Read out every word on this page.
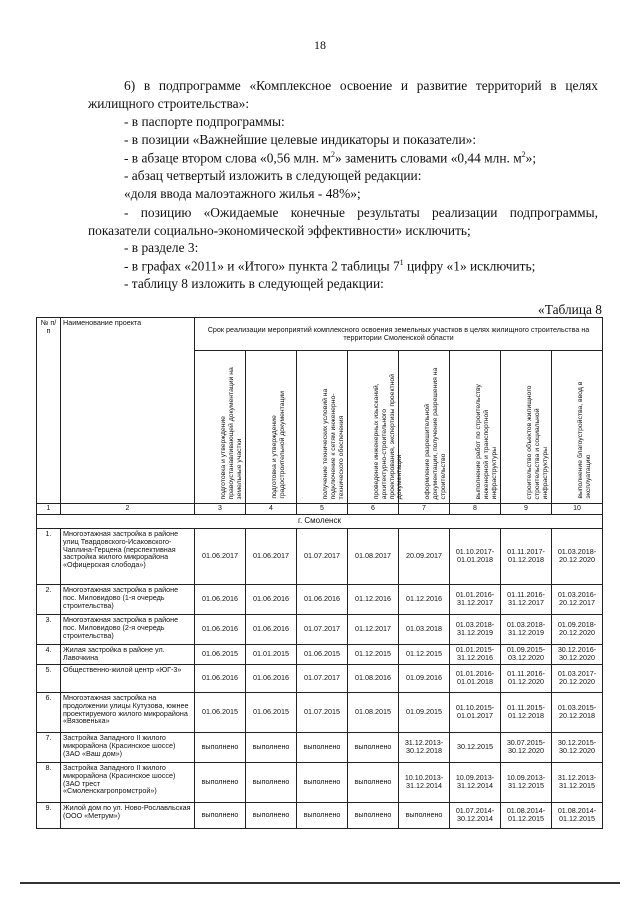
18
6) в подпрограмме «Комплексное освоение и развитие территорий в целях жилищного строительства»:
- в паспорте подпрограммы:
- в позиции «Важнейшие целевые индикаторы и показатели»:
- в абзаце втором слова «0,56 млн. $м^2$» заменить словами «0,44 млн. $м^2$»;
- абзац четвертый изложить в следующей редакции:
«доля ввода малоэтажного жилья - 48%»;
- позицию «Ожидаемые конечные результаты реализации подпрограммы, показатели социально-экономической эффективности» исключить;
- в разделе 3:
- в графах «2011» и «Итого» пункта 2 таблицы $7^1$ цифру «1» исключить;
- таблицу 8 изложить в следующей редакции:
«Таблица 8
№ п/п	Наименование проекта	Срок реализации мероприятий комплексного освоения земельных участков в целях жилищного строительства на территории Смоленской области							

		подготовка и утверждение правоустанавливающей документации на земельные участки	подготовка и утверждение градостроительной документации	получение технических условий на подключение к сетям инженерно-технического обеспечения	проведение инженерных изысканий, архитектурно-строительного проектирования, экспертизы проектной документации	оформление разрешительной документации, получение разрешения на строительство	выполнение работ по строительству инженерной и транспортной инфраструктуры	строительство объектов жилищного строительства и социальной инфраструктуры	выполнение благоустройства, ввод в эксплуатацию

1	2	3	4	5	6	7	8	9	10
г. Смоленск									
1.	Многоэтажная застройка в районе улиц Твардовского-Исаковского-Чаплина-Герцена (перспективная застройка жилого микрорайона «Офицерская слобода»)	01.06.2017	01.06.2017	01.07.2017	01.08.2017	20.09.2017	01.10.2017-01.01.2018	01.11.2017-01.12.2018	01.03.2018-20.12.2020
2.	Многоэтажная застройка в районе пос. Миловидово (1-я очередь строительства)	01.06.2016	01.06.2016	01.06.2016	01.12.2016	01.12.2016	01.01.2016-31.12.2017	01.11.2016-31.12.2017	01.03.2016-20.12.2017
3.	Многоэтажная застройка в районе пос. Миловидово (2-я очередь строительства)	01.06.2016	01.06.2016	01.07.2017	01.12.2017	01.03.2018	01.03.2018-31.12.2019	01.03.2018-31.12.2019	01.09.2018-20.12.2020
4.	Жилая застройка в районе ул. Лавочкина	01.06.2015	01.01.2015	01.06.2015	01.12.2015	01.12.2015	01.01.2015-31.12.2016	01.09.2015-03.12.2020	30.12.2016-30.12.2020
5.	Общественно-жилой центр «ЮГ-3»	01.06.2016	01.06.2016	01.07.2017	01.08.2016	01.09.2016	01.01.2016-01.01.2018	01.11.2016-01.12.2020	01.03.2017-20.12.2020
6.	Многоэтажная застройка на продолжении улицы Кутузова, южнее проектируемого жилого микрорайона «Вязовенька»	01.06.2015	01.06.2015	01.07.2015	01.08.2015	01.09.2015	01.10.2015-01.01.2017	01.11.2015-01.12.2018	01.03.2015-20.12.2018
7.	Застройка Западного II жилого микрорайона (Красинское шоссе) (ЗАО «Ваш дом»)	выполнено	выполнено	выполнено	выполнено	31.12.2013-30.12.2018	30.12.2015	30.07.2015-30.12.2020	30.12.2015-30.12.2020
8.	Застройка Западного II жилого микрорайона (Красинское шоссе) (ЗАО трест «Смоленскагропромстрой»)	выполнено	выполнено	выполнено	выполнено	10.10.2013-31.12.2014	10.09.2013-31.12.2014	10.09.2013-31.12.2015	31.12.2013-31.12.2015
9.	Жилой дом по ул. Ново-Рославльская (ООО «Метрум»)	выполнено	выполнено	выполнено	выполнено	выполнено	01.07.2014-30.12.2014	01.08.2014-01.12.2015	01.08.2014-01.12.2015
